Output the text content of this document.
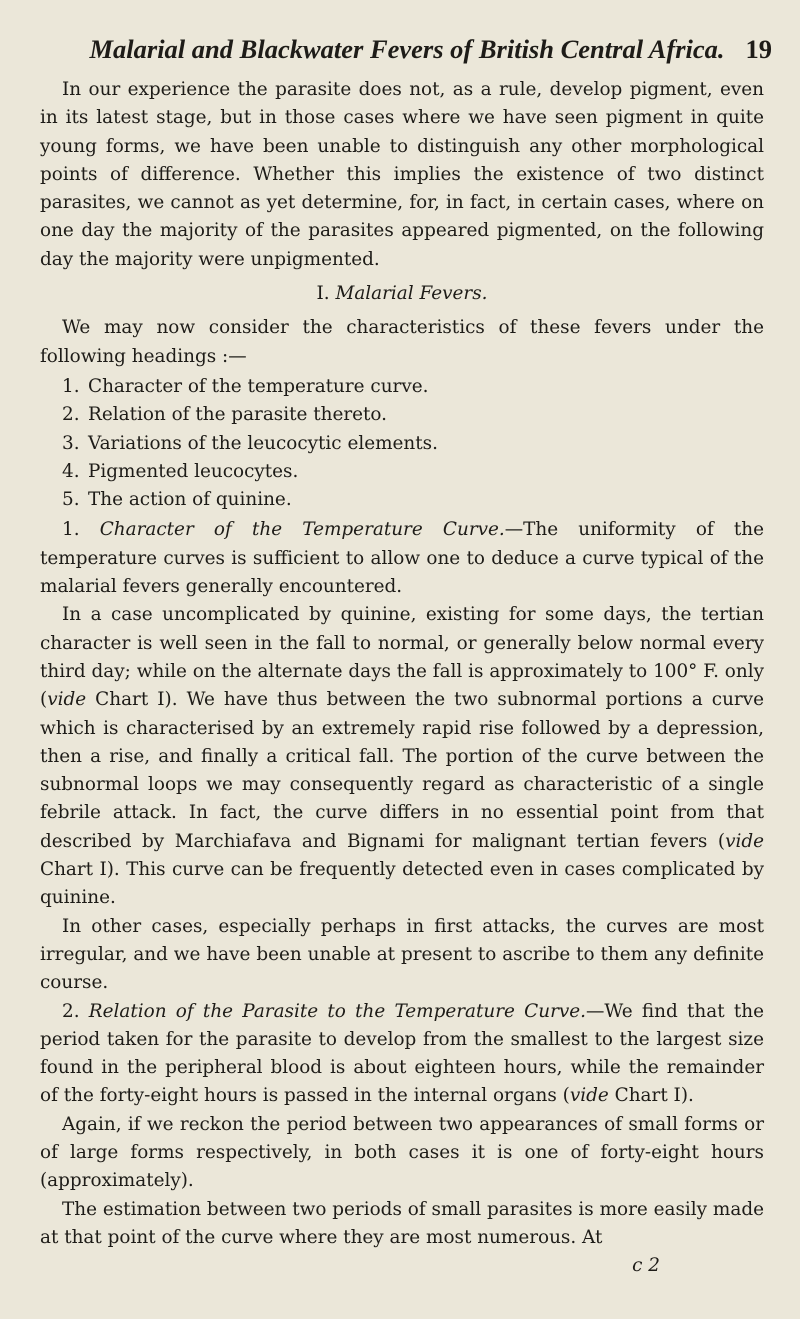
Malarial and Blackwater Fevers of British Central Africa. 19

In our experience the parasite does not, as a rule, develop pigment, even in its latest stage, but in those cases where we have seen pigment in quite young forms, we have been unable to distinguish any other morphological points of difference. Whether this implies the existence of two distinct parasites, we cannot as yet determine, for, in fact, in certain cases, where on one day the majority of the parasites appeared pigmented, on the following day the majority were unpigmented.

I. Malarial Fevers.

We may now consider the characteristics of these fevers under the following headings :—

1. Character of the temperature curve.
2. Relation of the parasite thereto.
3. Variations of the leucocytic elements.
4. Pigmented leucocytes.
5. The action of quinine.

1. Character of the Temperature Curve.—The uniformity of the temperature curves is sufficient to allow one to deduce a curve typical of the malarial fevers generally encountered.

In a case uncomplicated by quinine, existing for some days, the tertian character is well seen in the fall to normal, or generally below normal every third day; while on the alternate days the fall is approximately to 100° F. only (vide Chart I). We have thus between the two subnormal portions a curve which is characterised by an extremely rapid rise followed by a depression, then a rise, and finally a critical fall. The portion of the curve between the subnormal loops we may consequently regard as characteristic of a single febrile attack. In fact, the curve differs in no essential point from that described by Marchiafava and Bignami for malignant tertian fevers (vide Chart I). This curve can be frequently detected even in cases complicated by quinine.

In other cases, especially perhaps in first attacks, the curves are most irregular, and we have been unable at present to ascribe to them any definite course.

2. Relation of the Parasite to the Temperature Curve.—We find that the period taken for the parasite to develop from the smallest to the largest size found in the peripheral blood is about eighteen hours, while the remainder of the forty-eight hours is passed in the internal organs (vide Chart I).

Again, if we reckon the period between two appearances of small forms or of large forms respectively, in both cases it is one of forty-eight hours (approximately).

The estimation between two periods of small parasites is more easily made at that point of the curve where they are most numerous. At

c 2
